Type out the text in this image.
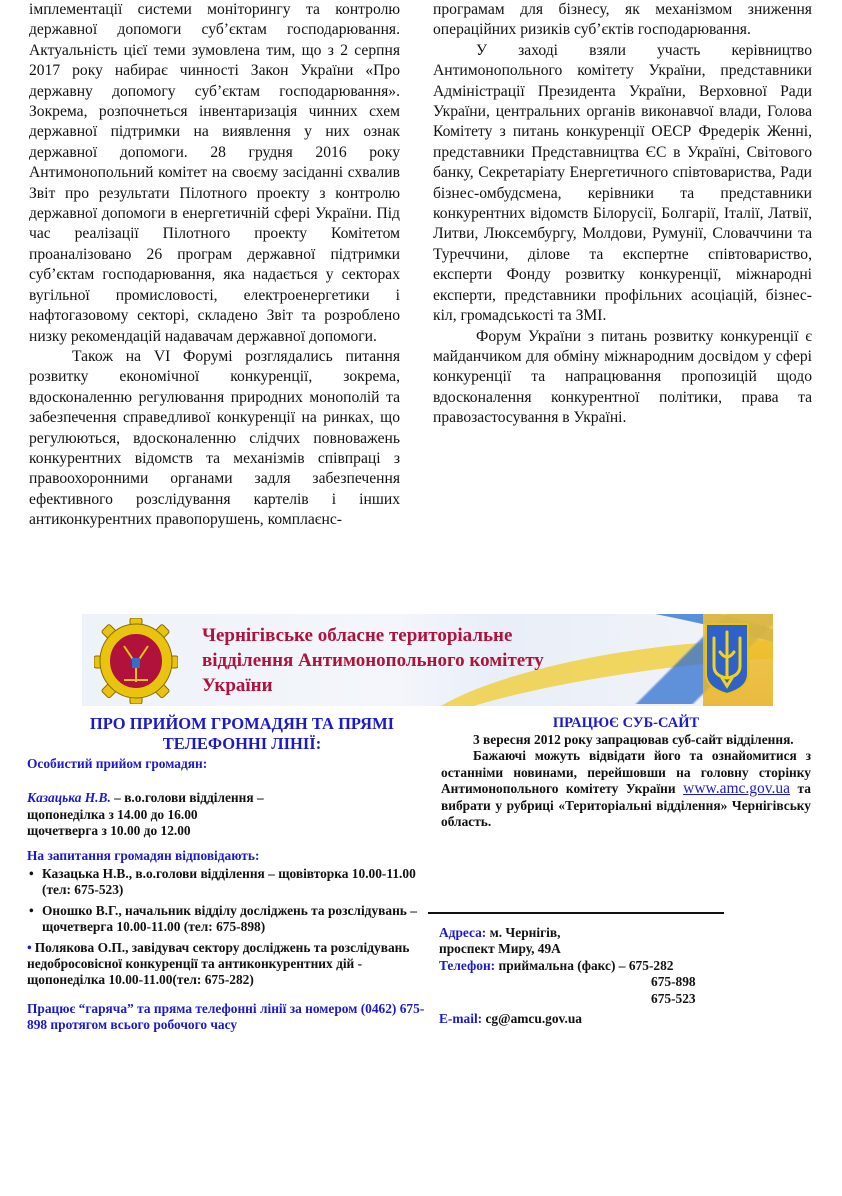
імплементації системи моніторингу та контролю державної допомоги суб’єктам господарювання. Актуальність цієї теми зумовлена тим, що з 2 серпня 2017 року набирає чинності Закон України «Про державну допомогу суб’єктам господарювання». Зокрема, розпочнеться інвентаризація чинних схем державної підтримки на виявлення у них ознак державної допомоги. 28 грудня 2016 року Антимонопольний комітет на своєму засіданні схвалив Звіт про результати Пілотного проекту з контролю державної допомоги в енергетичній сфері України. Під час реалізації Пілотного проекту Комітетом проаналізовано 26 програм державної підтримки суб’єктам господарювання, яка надається у секторах вугільної промисловості, електроенергетики і нафтогазовому секторі, складено Звіт та розроблено низку рекомендацій надавачам державної допомоги.

Також на VI Форумі розглядались питання розвитку економічної конкуренції, зокрема, вдосконаленню регулювання природних монополій та забезпечення справедливої конкуренції на ринках, що регулюються, вдосконаленню слідчих повноважень конкурентних відомств та механізмів співпраці з правоохоронними органами задля забезпечення ефективного розслідування картелів і інших антиконкурентних правопорушень, комплаєнс-

програмам для бізнесу, як механізмом зниження операційних ризиків суб’єктів господарювання.

У заході взяли участь керівництво Антимонопольного комітету України, представники Адміністрації Президента України, Верховної Ради України, центральних органів виконавчої влади, Голова Комітету з питань конкуренції ОЕСР Фредерік Женні, представники Представництва ЄС в Україні, Світового банку, Секретаріату Енергетичного співтовариства, Ради бізнес-омбудсмена, керівники та представники конкурентних відомств Білорусії, Болгарії, Італії, Латвії, Литви, Люксембургу, Молдови, Румунії, Словаччини та Туреччини, ділове та експертне співтовариство, експерти Фонду розвитку конкуренції, міжнародні експерти, представники профільних асоціацій, бізнес-кіл, громадськості та ЗМІ.

Форум України з питань розвитку конкуренції є майданчиком для обміну міжнародним досвідом у сфері конкуренції та напрацювання пропозицій щодо вдосконалення конкурентної політики, права та правозастосування в Україні.

Чернігівське обласне територіальне
відділення Антимонопольного комітету
України
ПРО ПРИЙОМ ГРОМАДЯН ТА ПРЯМІ
ТЕЛЕФОННІ ЛІНІЇ:
Особистий прийом громадян:
Казацька Н.В. – в.о.голови відділення –
щопонеділка з 14.00 до 16.00
щочетверга з 10.00 до 12.00
На запитання громадян відповідають:
• Казацька Н.В., в.о.голови відділення – щовівторка 10.00-11.00 (тел: 675-523)
• Оношко В.Г., начальник відділу досліджень та розслідувань – щочетверга 10.00-11.00 (тел: 675-898)
• Полякова О.П., завідувач сектору досліджень та розслідувань недобросовісної конкуренції та антиконкурентних дій - щопонеділка 10.00-11.00(тел: 675-282)
Працює “гаряча” та пряма телефонні лінії за номером (0462) 675-898 протягом всього робочого часу
ПРАЦЮЄ СУБ-САЙТ

3 вересня 2012 року запрацював суб-сайт відділення.

Бажаючі можуть відвідати його та ознайомитися з останніми новинами, перейшовши на головну сторінку Антимонопольного комітету України www.amc.gov.ua та вибрати у рубриці «Територіальні відділення» Чернігівську область.

Адреса: м. Чернігів,
проспект Миру, 49А
Телефон: приймальна (факс) – 675-282
675-898
675-523
E-mail: cg@amcu.gov.ua
